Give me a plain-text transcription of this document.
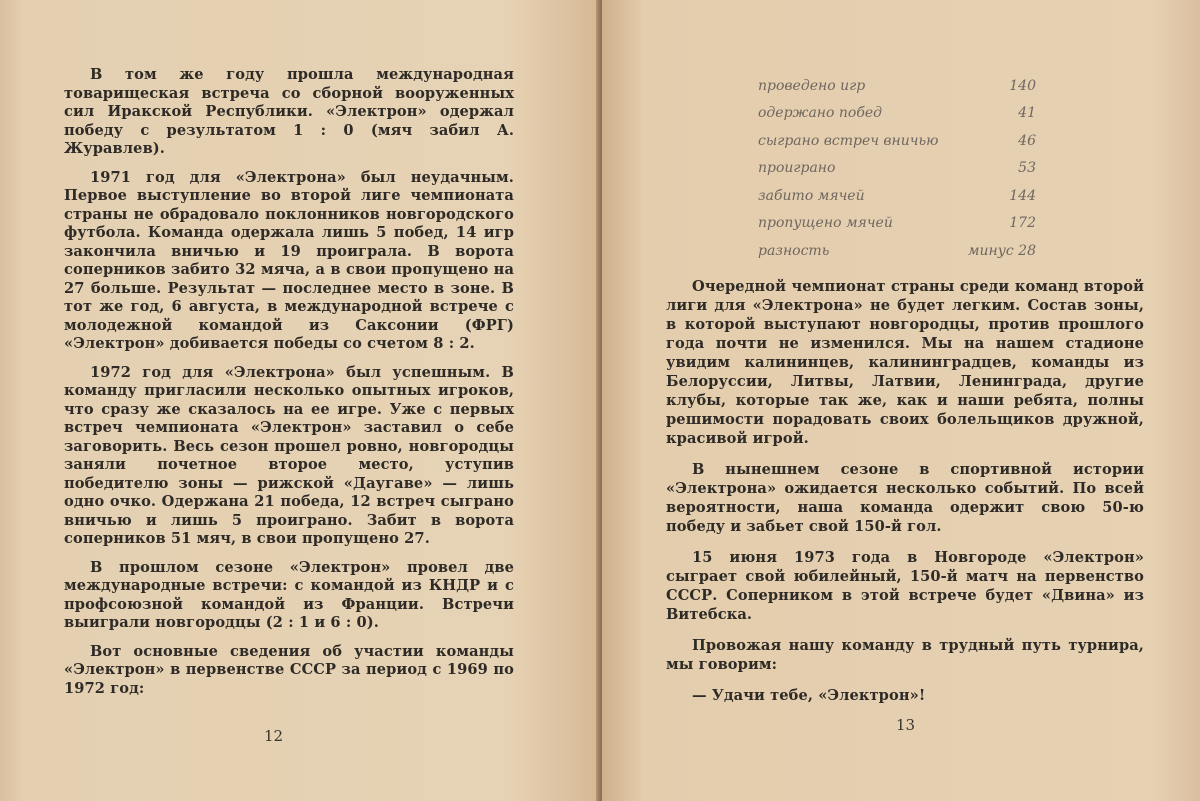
В том же году прошла международная товарищеская встреча со сборной вооруженных сил Иракской Республики. «Электрон» одержал победу с результатом 1 : 0 (мяч забил А. Журавлев).

1971 год для «Электрона» был неудачным. Первое выступление во второй лиге чемпионата страны не обрадовало поклонников новгородского футбола. Команда одержала лишь 5 побед, 14 игр закончила вничью и 19 проиграла. В ворота соперников забито 32 мяча, а в свои пропущено на 27 больше. Результат — последнее место в зоне. В тот же год, 6 августа, в международной встрече с молодежной командой из Саксонии (ФРГ) «Электрон» добивается победы со счетом 8 : 2.

1972 год для «Электрона» был успешным. В команду пригласили несколько опытных игроков, что сразу же сказалось на ее игре. Уже с первых встреч чемпионата «Электрон» заставил о себе заговорить. Весь сезон прошел ровно, новгородцы заняли почетное второе место, уступив победителю зоны — рижской «Даугаве» — лишь одно очко. Одержана 21 победа, 12 встреч сыграно вничью и лишь 5 проиграно. Забит в ворота соперников 51 мяч, в свои пропущено 27.

В прошлом сезоне «Электрон» провел две международные встречи: с командой из КНДР и с профсоюзной командой из Франции. Встречи выиграли новгородцы (2 : 1 и 6 : 0).

Вот основные сведения об участии команды «Электрон» в первенстве СССР за период с 1969 по 1972 год:

12
проведено игр	140
одержано побед	41
сыграно встреч вничью	46
проиграно	53
забито мячей	144
пропущено мячей	172
разность	минус 28

Очередной чемпионат страны среди команд второй лиги для «Электрона» не будет легким. Состав зоны, в которой выступают новгородцы, против прошлого года почти не изменился. Мы на нашем стадионе увидим калининцев, калининградцев, команды из Белоруссии, Литвы, Латвии, Ленинграда, другие клубы, которые так же, как и наши ребята, полны решимости порадовать своих болельщиков дружной, красивой игрой.

В нынешнем сезоне в спортивной истории «Электрона» ожидается несколько событий. По всей вероятности, наша команда одержит свою 50-ю победу и забьет свой 150-й гол.

15 июня 1973 года в Новгороде «Электрон» сыграет свой юбилейный, 150-й матч на первенство СССР. Соперником в этой встрече будет «Двина» из Витебска.

Провожая нашу команду в трудный путь турнира, мы говорим:

— Удачи тебе, «Электрон»!

13
